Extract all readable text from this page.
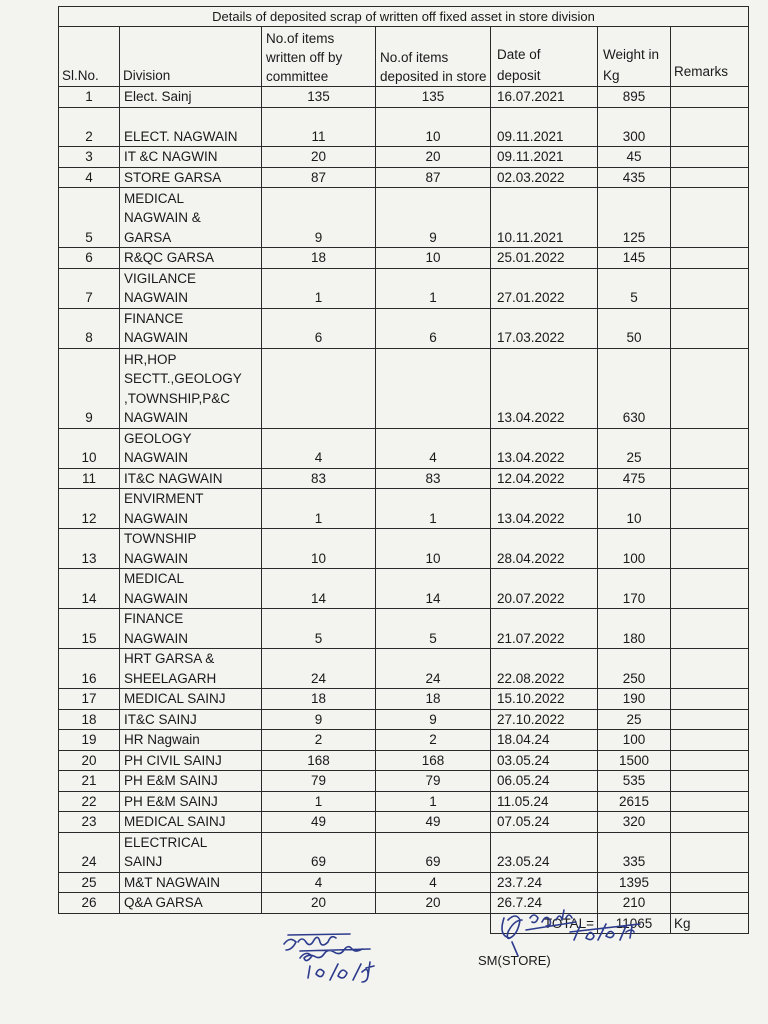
Details of deposited scrap of written off fixed asset in store division						
Sl.No.	Division	No.of items written off by committee	No.of items deposited in store	Date of deposit	Weight in Kg	Remarks
1	Elect. Sainj	135	135	16.07.2021	895	
2	ELECT. NAGWAIN	11	10	09.11.2021	300	
3	IT &C NAGWIN	20	20	09.11.2021	45	
4	STORE GARSA	87	87	02.03.2022	435	
5	MEDICAL
NAGWAIN &
GARSA	9	9	10.11.2021	125	
6	R&QC GARSA	18	10	25.01.2022	145	
7	VIGILANCE
NAGWAIN	1	1	27.01.2022	5	
8	FINANCE
NAGWAIN	6	6	17.03.2022	50	
9	HR,HOP
SECTT.,GEOLOGY
,TOWNSHIP,P&C
NAGWAIN			13.04.2022	630	
10	GEOLOGY
NAGWAIN	4	4	13.04.2022	25	
11	IT&C NAGWAIN	83	83	12.04.2022	475	
12	ENVIRMENT
NAGWAIN	1	1	13.04.2022	10	
13	TOWNSHIP
NAGWAIN	10	10	28.04.2022	100	
14	MEDICAL
NAGWAIN	14	14	20.07.2022	170	
15	FINANCE
NAGWAIN	5	5	21.07.2022	180	
16	HRT GARSA &
SHEELAGARH	24	24	22.08.2022	250	
17	MEDICAL SAINJ	18	18	15.10.2022	190	
18	IT&C SAINJ	9	9	27.10.2022	25	
19	HR Nagwain	2	2	18.04.24	100	
20	PH CIVIL SAINJ	168	168	03.05.24	1500	
21	PH E&M SAINJ	79	79	06.05.24	535	
22	PH E&M SAINJ	1	1	11.05.24	2615	
23	MEDICAL SAINJ	49	49	07.05.24	320	
24	ELECTRICAL
SAINJ	69	69	23.05.24	335	
25	M&T NAGWAIN	4	4	23.7.24	1395	
26	Q&A GARSA	20	20	26.7.24	210	
				TOTAL=	11065	Kg
SM(STORE)
